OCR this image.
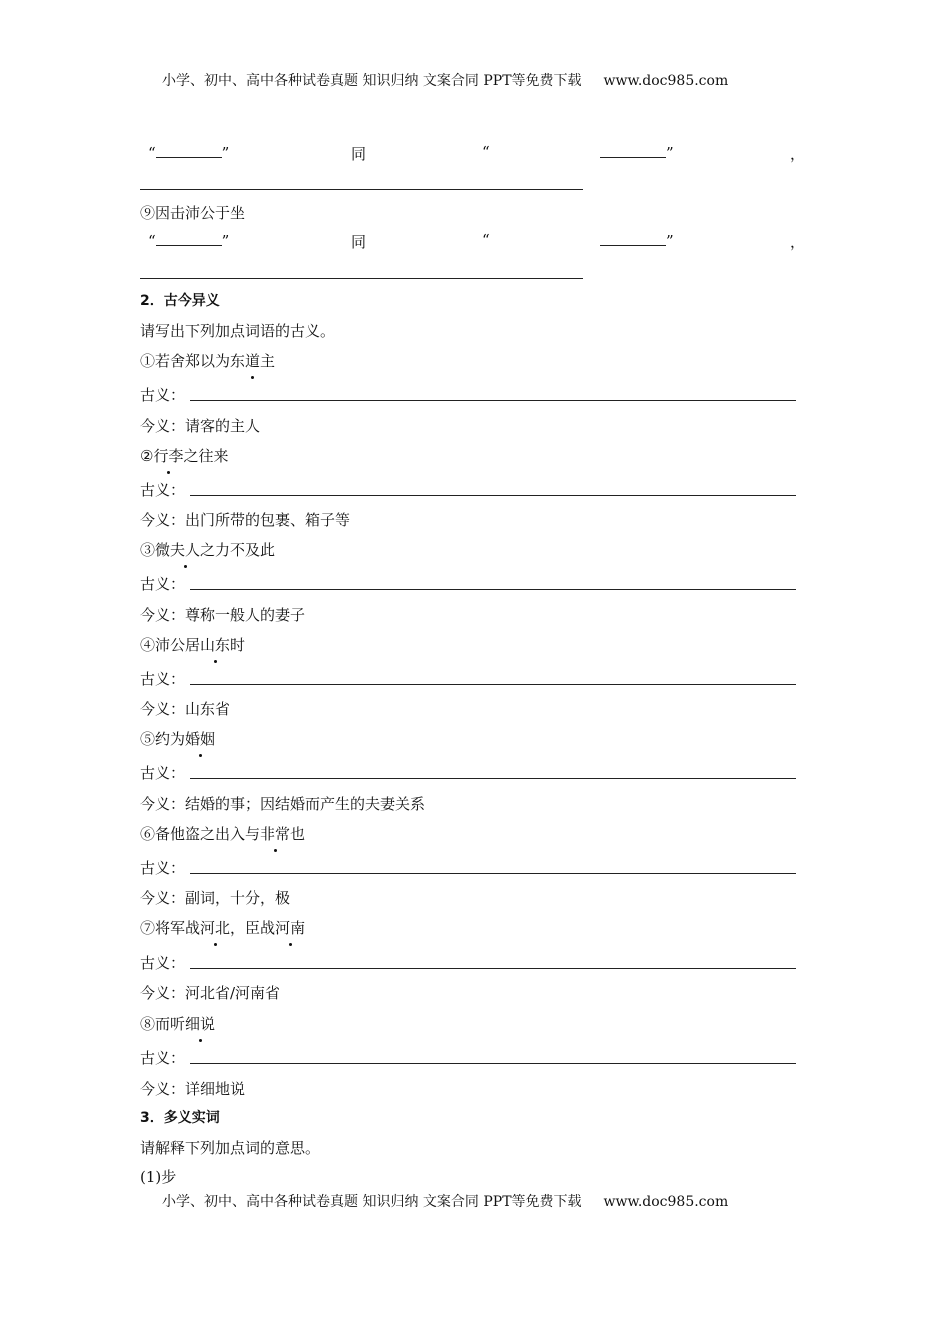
小学、初中、高中各种试卷真题 知识归纳 文案合同 PPT等免费下载 www.doc985.com
“	”	同	“	”	，
⑨因击沛公于坐
“	”	同	“	”	，
2．古今异义
请写出下列加点词语的古义。
①若舍郑以为东道主
古义：
今义：请客的主人
②行李之往来
古义：
今义：出门所带的包裹、箱子等
③微夫人之力不及此
古义：
今义：尊称一般人的妻子
④沛公居山东时
古义：
今义：山东省
⑤约为婚姻
古义：
今义：结婚的事；因结婚而产生的夫妻关系
⑥备他盗之出入与非常也
古义：
今义：副词，十分，极
⑦将军战河北，臣战河南
古义：
今义：河北省/河南省
⑧而听细说
古义：
今义：详细地说
3．多义实词
请解释下列加点词的意思。
(1)步
小学、初中、高中各种试卷真题 知识归纳 文案合同 PPT等免费下载 www.doc985.com
